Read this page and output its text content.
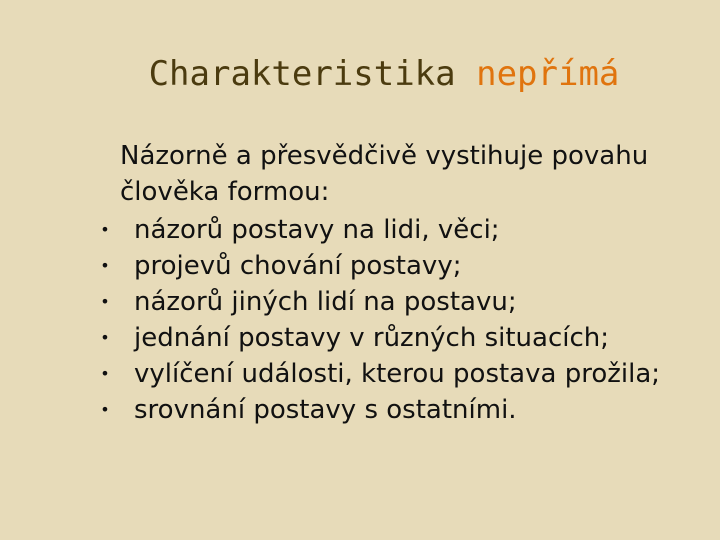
Charakteristika nepřímá

Názorně a přesvědčivě vystihuje povahu člověka formou:

• názorů postavy na lidi, věci;
• projevů chování postavy;
• názorů jiných lidí na postavu;
• jednání postavy v různých situacích;
• vylíčení události, kterou postava prožila;
• srovnání postavy s ostatními.
